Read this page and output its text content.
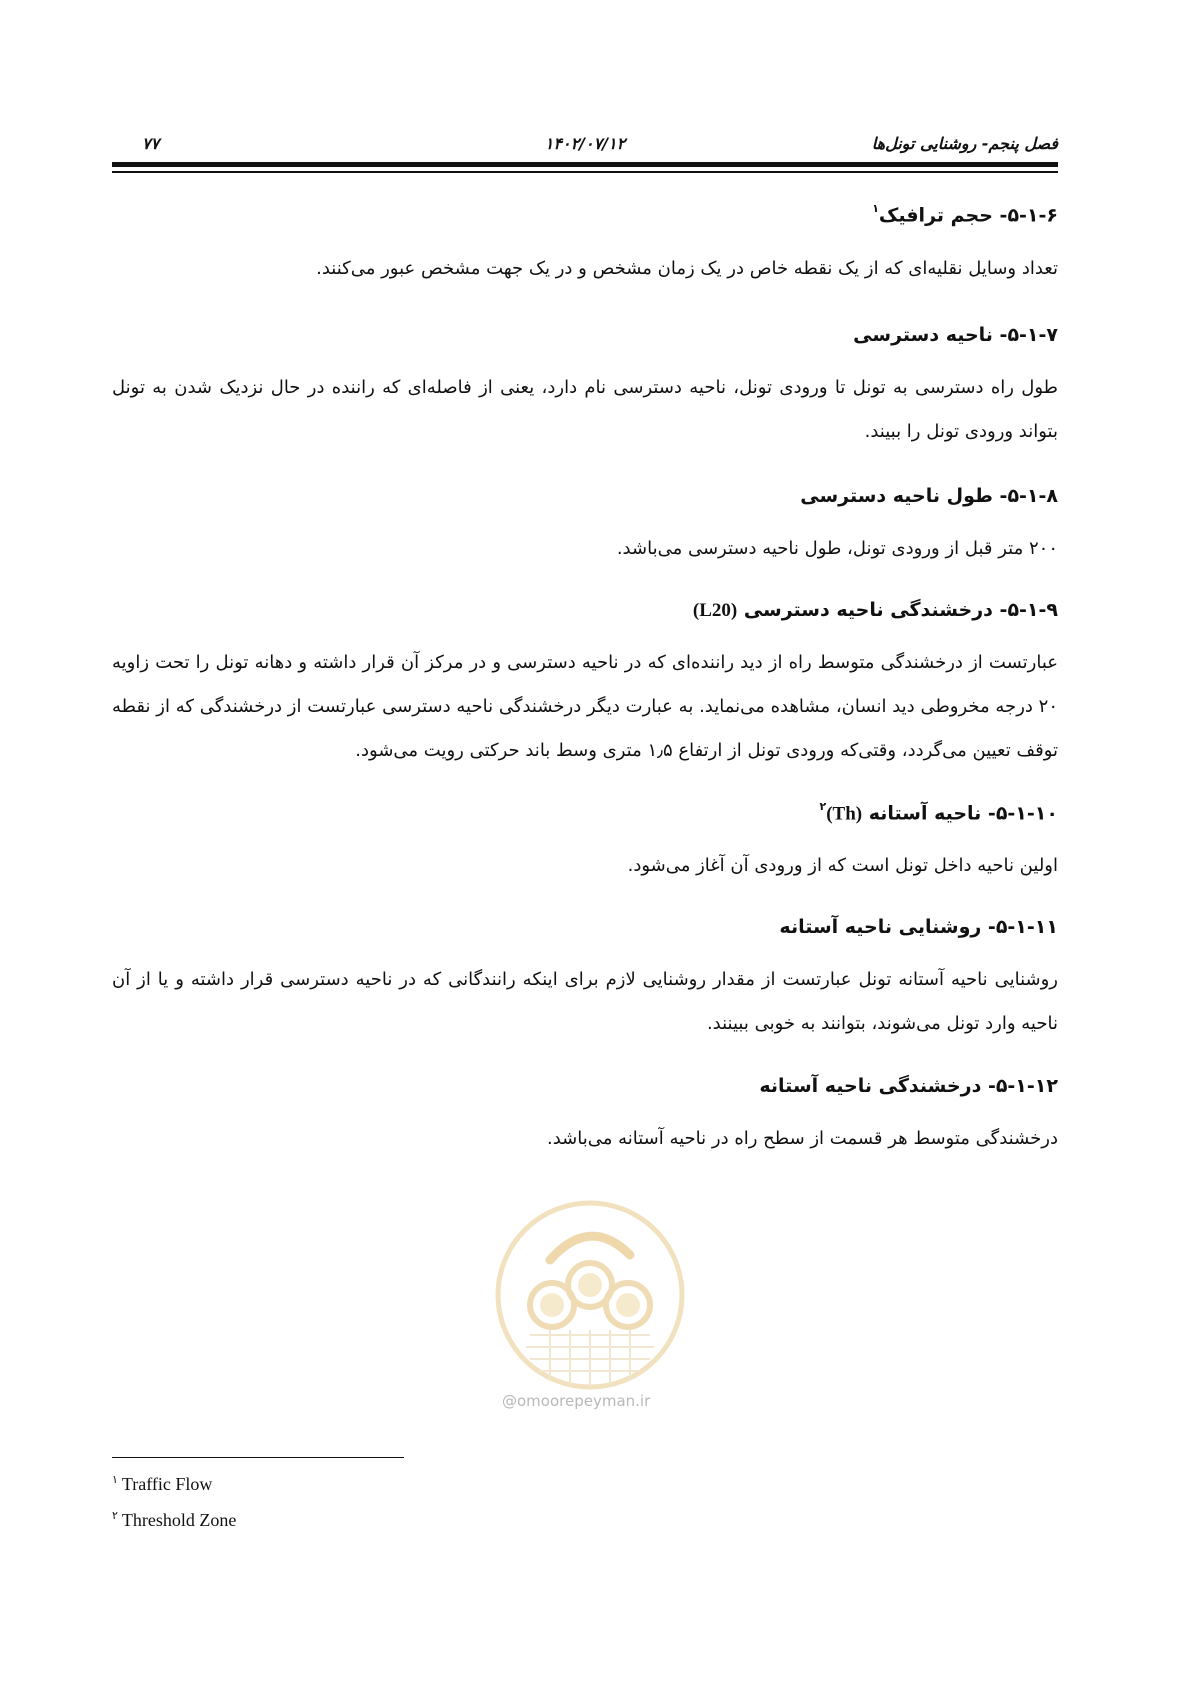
فصل پنجم- روشنایی تونل‌ها
۱۴۰۲/۰۷/۱۲
۷۷
۵-۱-۶- حجم ترافیک$^۱$
تعداد وسایل نقلیه‌ای که از یک نقطه خاص در یک زمان مشخص و در یک جهت مشخص عبور می‌کنند.
۵-۱-۷- ناحیه دسترسی
طول راه دسترسی به تونل تا ورودی تونل، ناحیه دسترسی نام دارد، یعنی از فاصله‌ای که راننده در حال نزدیک شدن به تونل بتواند ورودی تونل را ببیند.
۵-۱-۸- طول ناحیه دسترسی
۲۰۰ متر قبل از ورودی تونل، طول ناحیه دسترسی می‌باشد.
۵-۱-۹- درخشندگی ناحیه دسترسی (L20)
عبارتست از درخشندگی متوسط راه از دید راننده‌ای که در ناحیه دسترسی و در مرکز آن قرار داشته و دهانه تونل را تحت زاویه ۲۰ درجه مخروطی دید انسان، مشاهده می‌نماید. به عبارت دیگر درخشندگی ناحیه دسترسی عبارتست از درخشندگی که از نقطه توقف تعیین می‌گردد، وقتی‌که ورودی تونل از ارتفاع ۱٫۵ متری وسط باند حرکتی رویت می‌شود.
۵-۱-۱۰- ناحیه آستانه (Th)$^۲$
اولین ناحیه داخل تونل است که از ورودی آن آغاز می‌شود.
۵-۱-۱۱- روشنایی ناحیه آستانه
روشنایی ناحیه آستانه تونل عبارتست از مقدار روشنایی لازم برای اینکه رانندگانی که در ناحیه دسترسی قرار داشته و یا از آن ناحیه وارد تونل می‌شوند، بتوانند به خوبی ببینند.
۵-۱-۱۲- درخشندگی ناحیه آستانه
درخشندگی متوسط هر قسمت از سطح راه در ناحیه آستانه می‌باشد.
@omoorepeyman.ir
$^۱$ Traffic Flow
$^۲$ Threshold Zone
